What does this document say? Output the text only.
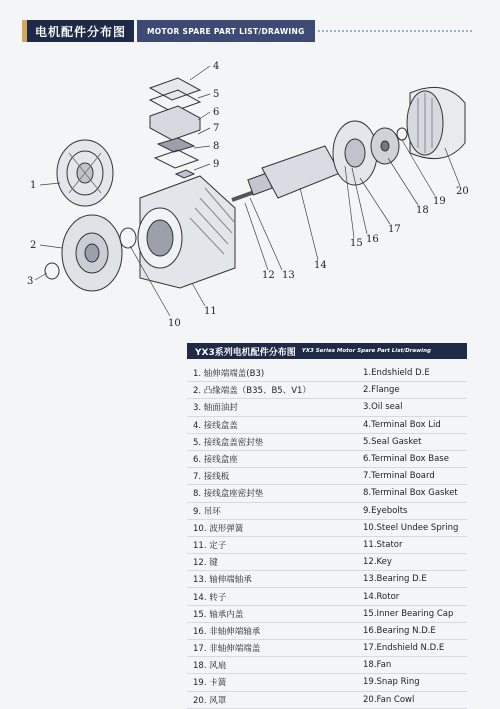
电机配件分布图	MOTOR SPARE PART LIST/DRAWING
4
5
6
7
8
9
1
2
3
10
11
12 13
14
15 16
17
18
19
20
YX3系列电机配件分布图 YX3 Series Motor Spare Part List/Drawing
1. 轴伸端端盖(B3)	1.Endshield D.E
2. 凸缘端盖（B35、B5、V1）	2.Flange
3. 轴面油封	3.Oil seal
4. 接线盒盖	4.Terminal Box Lid
5. 接线盒盖密封垫	5.Seal Gasket
6. 接线盒座	6.Terminal Box Base
7. 接线板	7.Terminal Board
8. 接线盒座密封垫	8.Terminal Box Gasket
9. 吊环	9.Eyebolts
10. 波形弹簧	10.Steel Undee Spring
11. 定子	11.Stator
12. 键	12.Key
13. 轴伸端轴承	13.Bearing D.E
14. 转子	14.Rotor
15. 轴承内盖	15.Inner Bearing Cap
16. 非轴伸端轴承	16.Bearing N.D.E
17. 非轴伸端端盖	17.Endshield N.D.E
18. 风扇	18.Fan
19. 卡簧	19.Snap Ring
20. 风罩	20.Fan Cowl
